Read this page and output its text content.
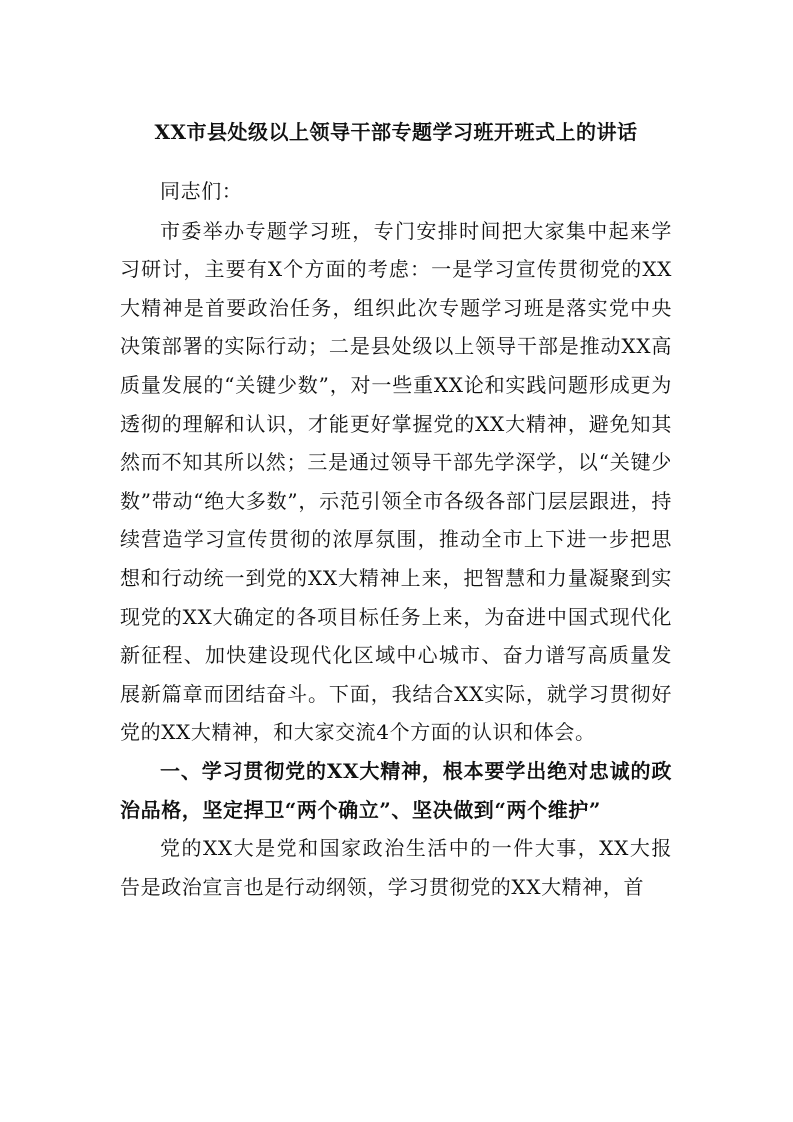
XX市县处级以上领导干部专题学习班开班式上的讲话

同志们：

市委举办专题学习班，专门安排时间把大家集中起来学习研讨，主要有X个方面的考虑：一是学习宣传贯彻党的XX大精神是首要政治任务，组织此次专题学习班是落实党中央决策部署的实际行动；二是县处级以上领导干部是推动XX高质量发展的“关键少数”，对一些重XX论和实践问题形成更为透彻的理解和认识，才能更好掌握党的XX大精神，避免知其然而不知其所以然；三是通过领导干部先学深学，以“关键少数”带动“绝大多数”，示范引领全市各级各部门层层跟进，持续营造学习宣传贯彻的浓厚氛围，推动全市上下进一步把思想和行动统一到党的XX大精神上来，把智慧和力量凝聚到实现党的XX大确定的各项目标任务上来，为奋进中国式现代化新征程、加快建设现代化区域中心城市、奋力谱写高质量发展新篇章而团结奋斗。下面，我结合XX实际，就学习贯彻好党的XX大精神，和大家交流4个方面的认识和体会。

一、学习贯彻党的XX大精神，根本要学出绝对忠诚的政治品格，坚定捍卫“两个确立”、坚决做到“两个维护”

党的XX大是党和国家政治生活中的一件大事，XX大报告是政治宣言也是行动纲领，学习贯彻党的XX大精神，首
